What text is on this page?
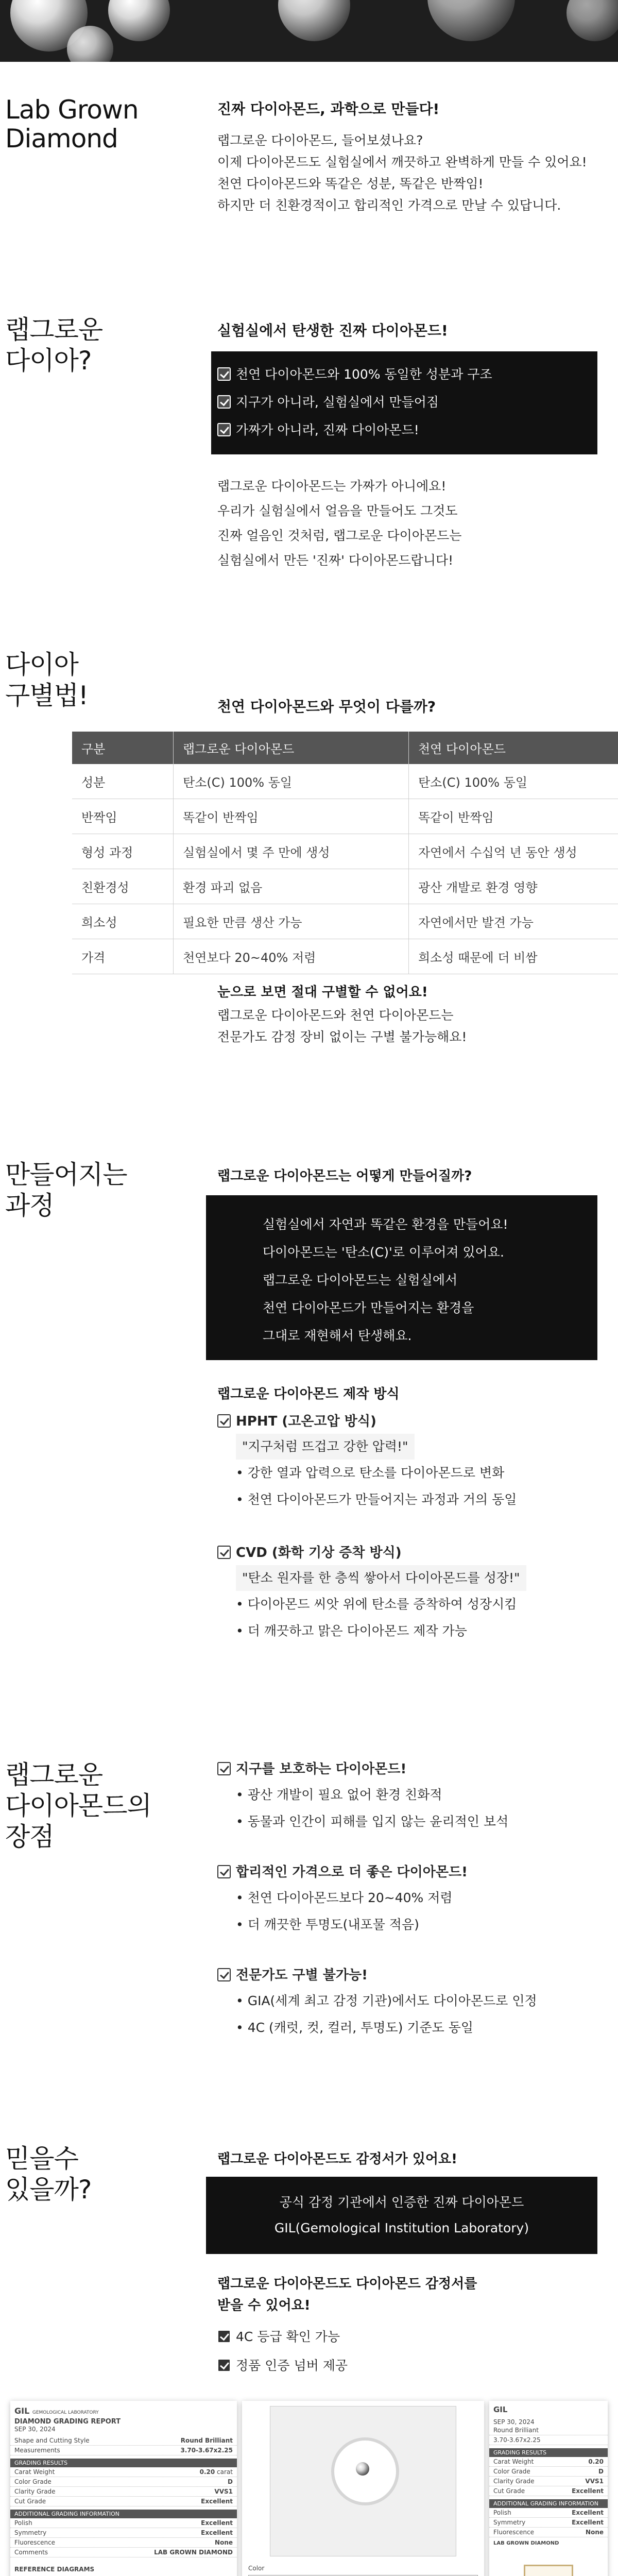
Lab Grown
Diamond
진짜 다이아몬드, 과학으로 만들다!
랩그로운 다이아몬드, 들어보셨나요?
이제 다이아몬드도 실험실에서 깨끗하고 완벽하게 만들 수 있어요!
천연 다이아몬드와 똑같은 성분, 똑같은 반짝임!
하지만 더 친환경적이고 합리적인 가격으로 만날 수 있답니다.
랩그로운
다이아?
실험실에서 탄생한 진짜 다이아몬드!
천연 다이아몬드와 100% 동일한 성분과 구조
지구가 아니라, 실험실에서 만들어짐
가짜가 아니라, 진짜 다이아몬드!
랩그로운 다이아몬드는 가짜가 아니에요!
우리가 실험실에서 얼음을 만들어도 그것도
진짜 얼음인 것처럼, 랩그로운 다이아몬드는
실험실에서 만든 '진짜' 다이아몬드랍니다!
다이아
구별법!	천연 다이아몬드와 무엇이 다를까?
구분	랩그로운 다이아몬드	천연 다이아몬드
성분	탄소(C) 100% 동일	탄소(C) 100% 동일
반짝임	똑같이 반짝임	똑같이 반짝임
형성 과정	실험실에서 몇 주 만에 생성	자연에서 수십억 년 동안 생성
친환경성	환경 파괴 없음	광산 개발로 환경 영향
희소성	필요한 만큼 생산 가능	자연에서만 발견 가능
가격	천연보다 20~40% 저렴	희소성 때문에 더 비쌈
눈으로 보면 절대 구별할 수 없어요!
랩그로운 다이아몬드와 천연 다이아몬드는
전문가도 감정 장비 없이는 구별 불가능해요!
만들어지는
과정
랩그로운 다이아몬드는 어떻게 만들어질까?
실험실에서 자연과 똑같은 환경을 만들어요!
다이아몬드는 '탄소(C)'로 이루어져 있어요.
랩그로운 다이아몬드는 실험실에서
천연 다이아몬드가 만들어지는 환경을
그대로 재현해서 탄생해요.
랩그로운 다이아몬드 제작 방식
HPHT (고온고압 방식)
"지구처럼 뜨겁고 강한 압력!"
• 강한 열과 압력으로 탄소를 다이아몬드로 변화
• 천연 다이아몬드가 만들어지는 과정과 거의 동일
CVD (화학 기상 증착 방식)
"탄소 원자를 한 층씩 쌓아서 다이아몬드를 성장!"
• 다이아몬드 씨앗 위에 탄소를 증착하여 성장시킴
• 더 깨끗하고 맑은 다이아몬드 제작 가능
랩그로운
다이아몬드의
장점
지구를 보호하는 다이아몬드!
• 광산 개발이 필요 없어 환경 친화적
• 동물과 인간이 피해를 입지 않는 윤리적인 보석
합리적인 가격으로 더 좋은 다이아몬드!
• 천연 다이아몬드보다 20~40% 저렴
• 더 깨끗한 투명도(내포물 적음)
전문가도 구별 불가능!
• GIA(세계 최고 감정 기관)에서도 다이아몬드로 인정
• 4C (캐럿, 컷, 컬러, 투명도) 기준도 동일
믿을수
있을까?
랩그로운 다이아몬드도 감정서가 있어요!
공식 감정 기관에서 인증한 진짜 다이아몬드
GIL(Gemological Institution Laboratory)
랩그로운 다이아몬드도 다이아몬드 감정서를
받을 수 있어요!
4C 등급 확인 가능
정품 인증 넘버 제공
GIL GEMOLOGICAL LABORATORY
DIAMOND GRADING REPORT
SEP 30, 2024
Shape and Cutting Style	Round Brilliant
Measurements	3.70-3.67x2.25
GRADING RESULTS
Carat Weight	0.20 carat
Color Grade	D
Clarity Grade	VVS1
Cut Grade	Excellent
ADDITIONAL GRADING INFORMATION
Polish	Excellent
Symmetry	Excellent
Fluorescence	None
Comments	LAB GROWN DIAMOND
REFERENCE DIAGRAMS	Color
GIL
SEP 30, 2024
Round Brilliant
3.70-3.67x2.25
GRADING RESULTS
Carat Weight	0.20
Color Grade	D
Clarity Grade	VVS1
Cut Grade	Excellent
ADDITIONAL GRADING INFORMATION
Polish	Excellent
Symmetry	Excellent
Fluorescence	None
LAB GROWN DIAMOND
